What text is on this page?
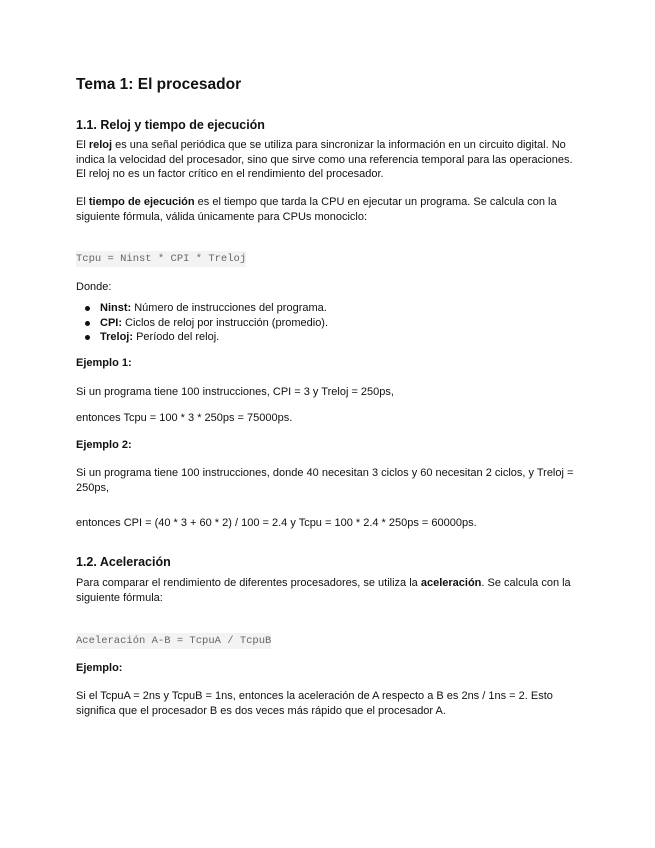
Tema 1: El procesador
1.1. Reloj y tiempo de ejecución
El reloj es una señal periódica que se utiliza para sincronizar la información en un circuito digital. No indica la velocidad del procesador, sino que sirve como una referencia temporal para las operaciones. El reloj no es un factor crítico en el rendimiento del procesador.
El tiempo de ejecución es el tiempo que tarda la CPU en ejecutar un programa. Se calcula con la siguiente fórmula, válida únicamente para CPUs monociclo:
Tcpu = Ninst * CPI * Treloj
Donde:
Ninst: Número de instrucciones del programa.
CPI: Ciclos de reloj por instrucción (promedio).
Treloj: Período del reloj.
Ejemplo 1:
Si un programa tiene 100 instrucciones, CPI = 3 y Treloj = 250ps,
entonces Tcpu = 100 * 3 * 250ps = 75000ps.
Ejemplo 2:
Si un programa tiene 100 instrucciones, donde 40 necesitan 3 ciclos y 60 necesitan 2 ciclos, y Treloj = 250ps,
entonces CPI = (40 * 3 + 60 * 2) / 100 = 2.4 y Tcpu = 100 * 2.4 * 250ps = 60000ps.
1.2. Aceleración
Para comparar el rendimiento de diferentes procesadores, se utiliza la aceleración. Se calcula con la siguiente fórmula:
Aceleración A-B = TcpuA / TcpuB
Ejemplo:
Si el TcpuA = 2ns y TcpuB = 1ns, entonces la aceleración de A respecto a B es 2ns / 1ns = 2. Esto significa que el procesador B es dos veces más rápido que el procesador A.
